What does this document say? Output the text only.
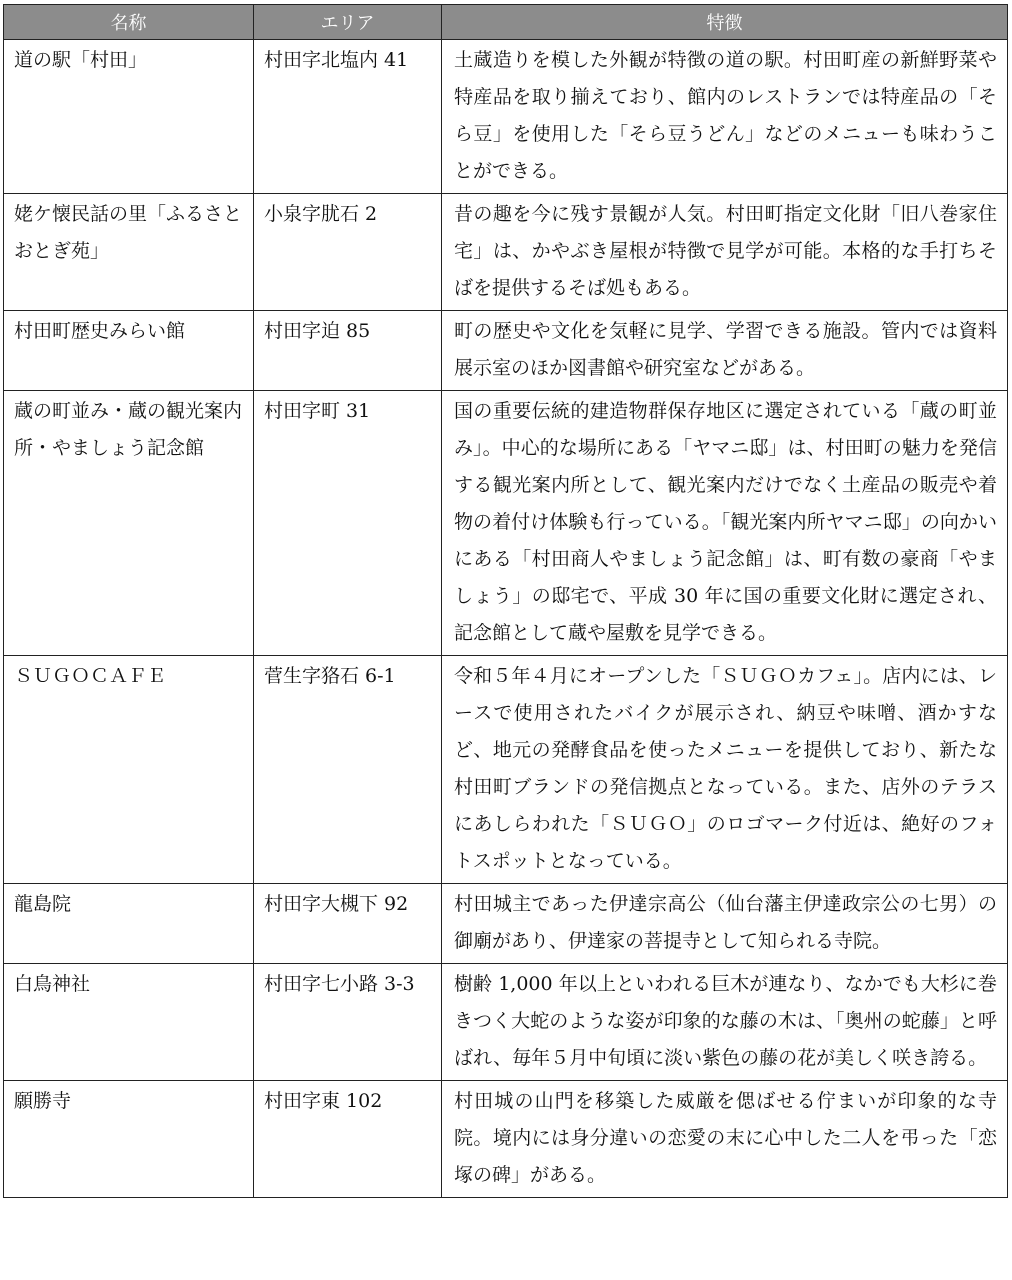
名称	エリア	特徴
道の駅「村田」	村田字北塩内 41	土蔵造りを模した外観が特徴の道の駅。村田町産の新鮮野菜や特産品を取り揃えており、館内のレストランでは特産品の「そら豆」を使用した「そら豆うどん」などのメニューも味わうことができる。
姥ケ懐民話の里「ふるさとおとぎ苑」	小泉字肬石 2	昔の趣を今に残す景観が人気。村田町指定文化財「旧八巻家住宅」は、かやぶき屋根が特徴で見学が可能。本格的な手打ちそばを提供するそば処もある。
村田町歴史みらい館	村田字迫 85	町の歴史や文化を気軽に見学、学習できる施設。管内では資料展示室のほか図書館や研究室などがある。
蔵の町並み・蔵の観光案内所・やましょう記念館	村田字町 31	国の重要伝統的建造物群保存地区に選定されている「蔵の町並み」。中心的な場所にある「ヤマニ邸」は、村田町の魅力を発信する観光案内所として、観光案内だけでなく土産品の販売や着物の着付け体験も行っている。「観光案内所ヤマニ邸」の向かいにある「村田商人やましょう記念館」は、町有数の豪商「やましょう」の邸宅で、平成 30 年に国の重要文化財に選定され、記念館として蔵や屋敷を見学できる。
ＳＵＧＯＣＡＦＥ	菅生字狢石 6-1	令和５年４月にオープンした「ＳＵＧＯカフェ」。店内には、レースで使用されたバイクが展示され、納豆や味噌、酒かすなど、地元の発酵食品を使ったメニューを提供しており、新たな村田町ブランドの発信拠点となっている。また、店外のテラスにあしらわれた「ＳＵＧＯ」のロゴマーク付近は、絶好のフォトスポットとなっている。
龍島院	村田字大槻下 92	村田城主であった伊達宗高公（仙台藩主伊達政宗公の七男）の御廟があり、伊達家の菩提寺として知られる寺院。
白鳥神社	村田字七小路 3-3	樹齢 1,000 年以上といわれる巨木が連なり、なかでも大杉に巻きつく大蛇のような姿が印象的な藤の木は、「奥州の蛇藤」と呼ばれ、毎年５月中旬頃に淡い紫色の藤の花が美しく咲き誇る。
願勝寺	村田字東 102	村田城の山門を移築した威厳を偲ばせる佇まいが印象的な寺院。境内には身分違いの恋愛の末に心中した二人を弔った「恋塚の碑」がある。
